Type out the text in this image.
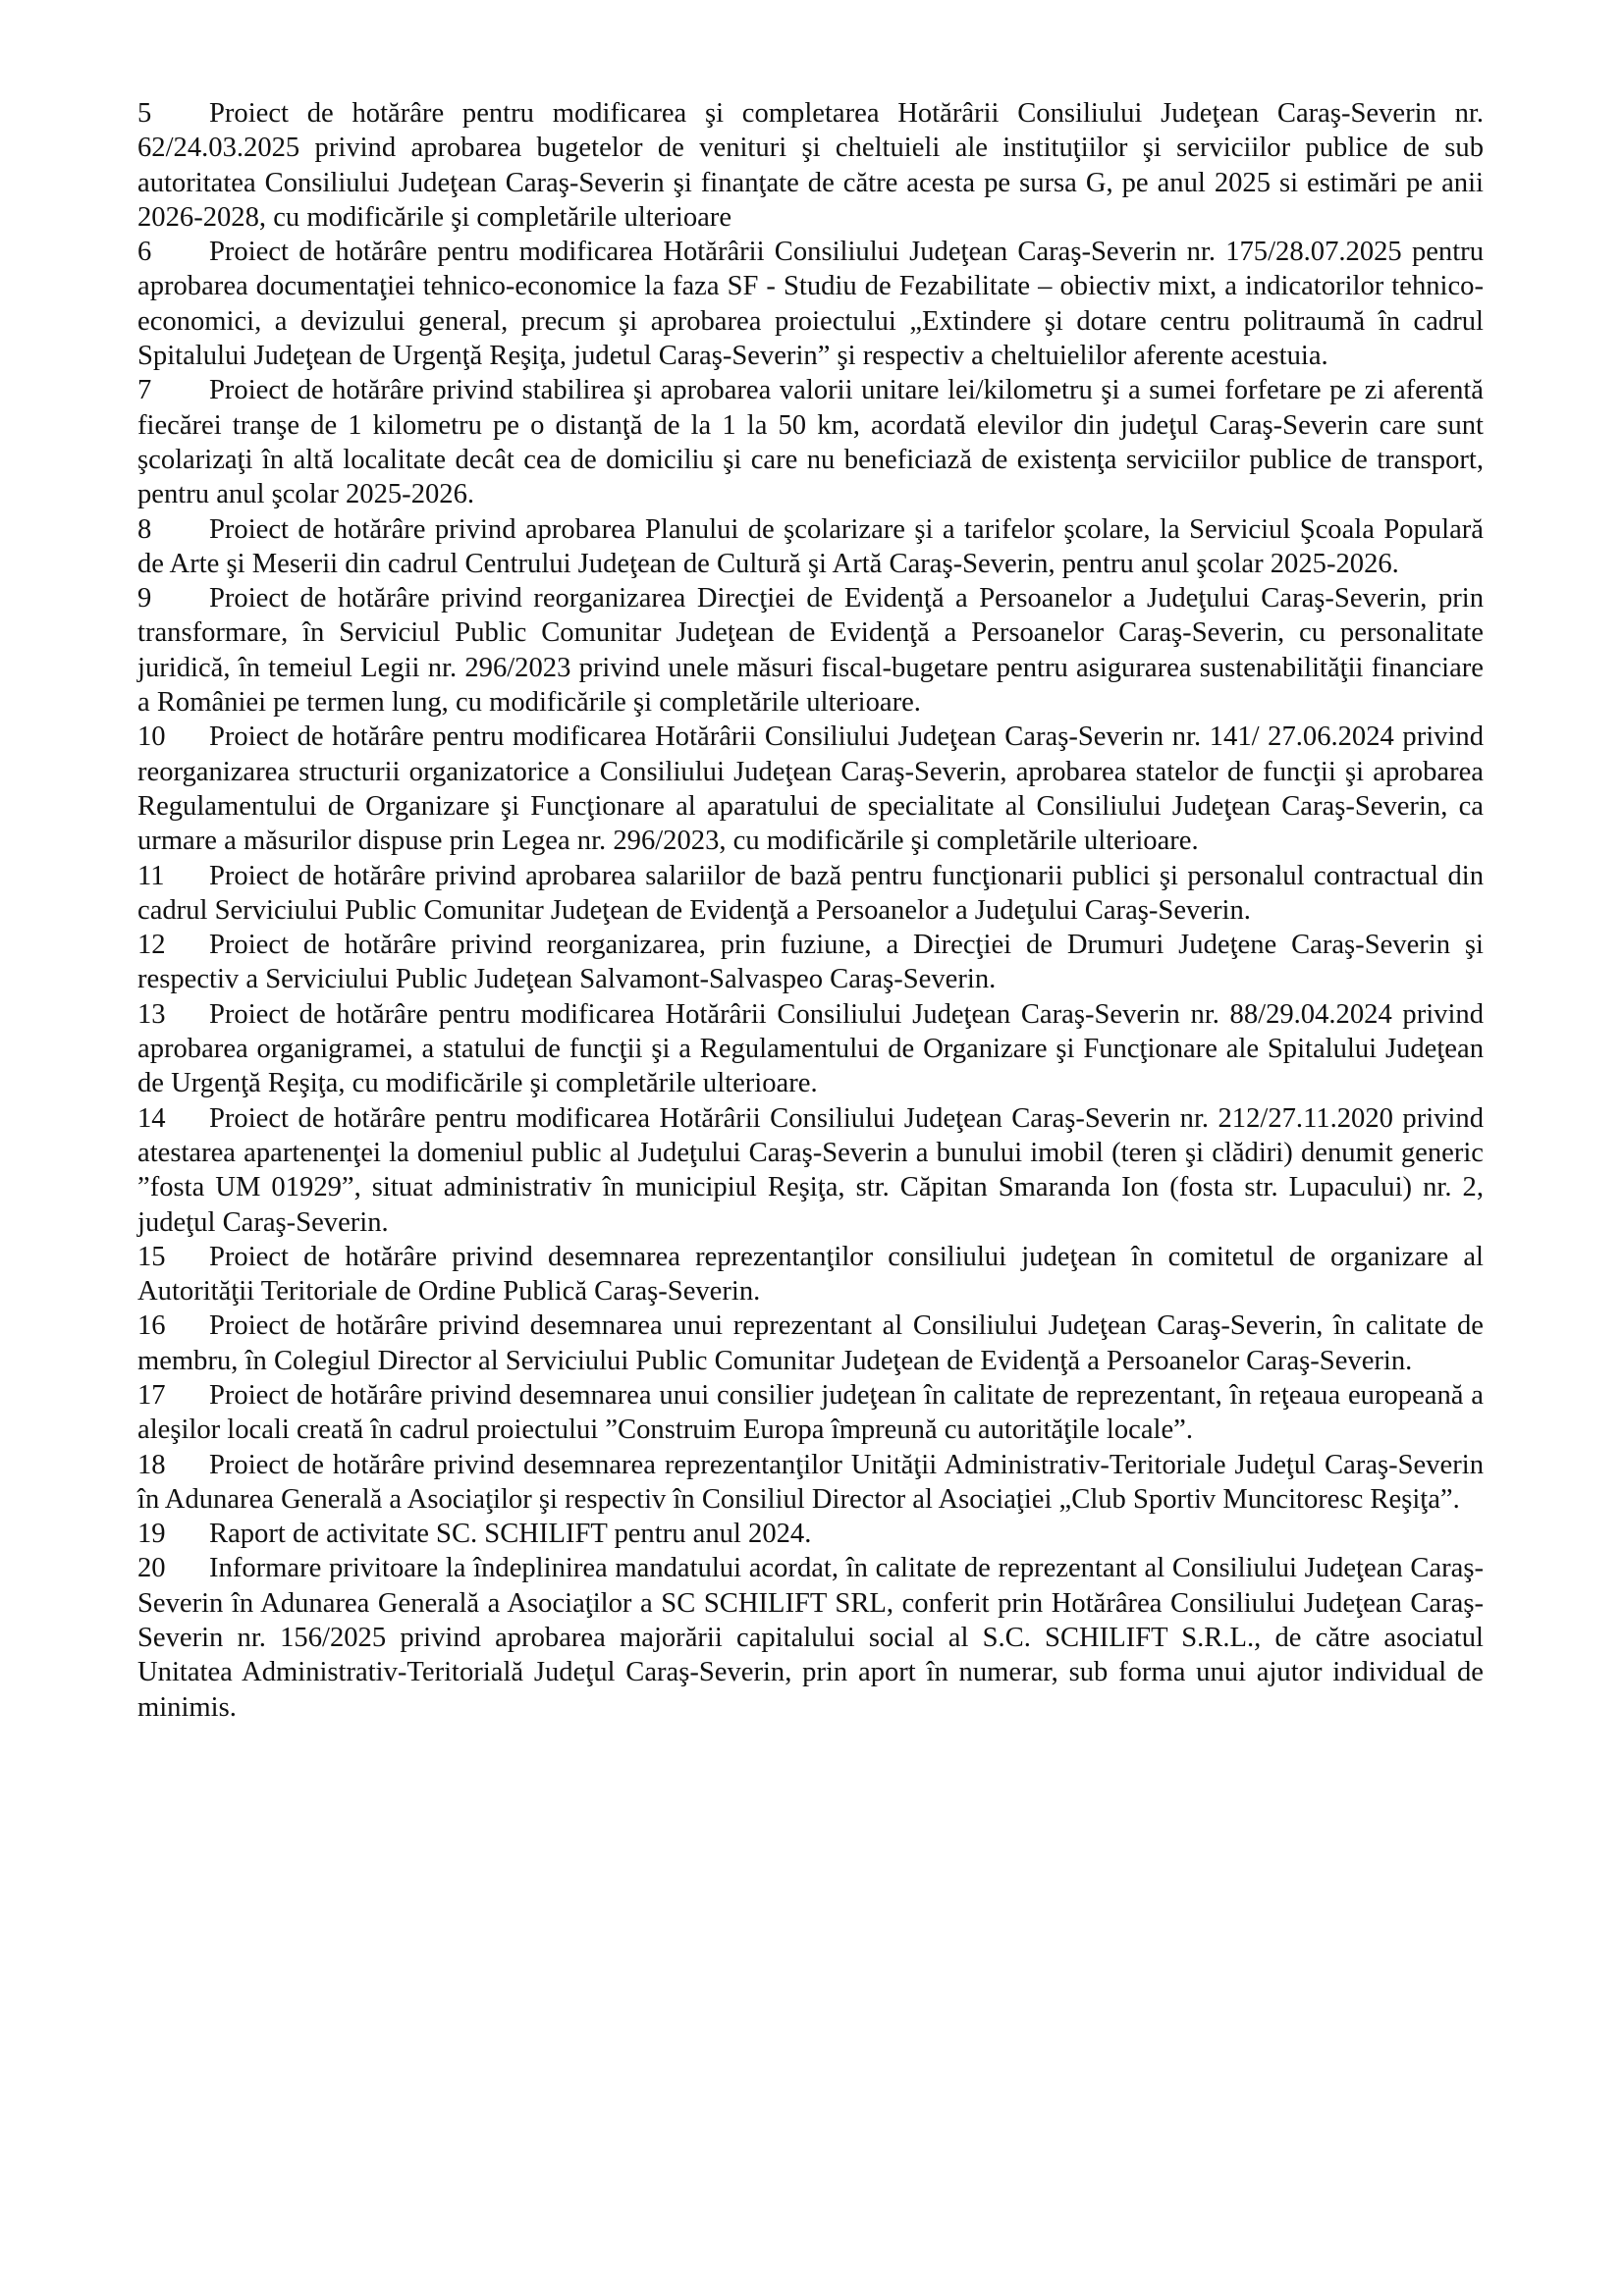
5 Proiect de hotărâre pentru modificarea şi completarea Hotărârii Consiliului Judeţean Caraş-Severin nr. 62/24.03.2025 privind aprobarea bugetelor de venituri şi cheltuieli ale instituţiilor şi serviciilor publice de sub autoritatea Consiliului Judeţean Caraş-Severin şi finanţate de către acesta pe sursa G, pe anul 2025 si estimări pe anii 2026-2028, cu modificările şi completările ulterioare

6 Proiect de hotărâre pentru modificarea Hotărârii Consiliului Judeţean Caraş-Severin nr. 175/28.07.2025 pentru aprobarea documentaţiei tehnico-economice la faza SF - Studiu de Fezabilitate – obiectiv mixt, a indicatorilor tehnico-economici, a devizului general, precum şi aprobarea proiectului „Extindere şi dotare centru politraumă în cadrul Spitalului Judeţean de Urgenţă Reşiţa, judetul Caraş-Severin” şi respectiv a cheltuielilor aferente acestuia.

7 Proiect de hotărâre privind stabilirea şi aprobarea valorii unitare lei/kilometru şi a sumei forfetare pe zi aferentă fiecărei tranşe de 1 kilometru pe o distanţă de la 1 la 50 km, acordată elevilor din judeţul Caraş-Severin care sunt şcolarizaţi în altă localitate decât cea de domiciliu şi care nu beneficiază de existenţa serviciilor publice de transport, pentru anul şcolar 2025-2026.

8 Proiect de hotărâre privind aprobarea Planului de şcolarizare şi a tarifelor şcolare, la Serviciul Şcoala Populară de Arte şi Meserii din cadrul Centrului Judeţean de Cultură şi Artă Caraş-Severin, pentru anul şcolar 2025-2026.

9 Proiect de hotărâre privind reorganizarea Direcţiei de Evidenţă a Persoanelor a Judeţului Caraş-Severin, prin transformare, în Serviciul Public Comunitar Judeţean de Evidenţă a Persoanelor Caraş-Severin, cu personalitate juridică, în temeiul Legii nr. 296/2023 privind unele măsuri fiscal-bugetare pentru asigurarea sustenabilităţii financiare a României pe termen lung, cu modificările şi completările ulterioare.

10 Proiect de hotărâre pentru modificarea Hotărârii Consiliului Judeţean Caraş-Severin nr. 141/ 27.06.2024 privind reorganizarea structurii organizatorice a Consiliului Judeţean Caraş-Severin, aprobarea statelor de funcţii şi aprobarea Regulamentului de Organizare şi Funcţionare al aparatului de specialitate al Consiliului Judeţean Caraş-Severin, ca urmare a măsurilor dispuse prin Legea nr. 296/2023, cu modificările şi completările ulterioare.

11 Proiect de hotărâre privind aprobarea salariilor de bază pentru funcţionarii publici şi personalul contractual din cadrul Serviciului Public Comunitar Judeţean de Evidenţă a Persoanelor a Judeţului Caraş-Severin.

12 Proiect de hotărâre privind reorganizarea, prin fuziune, a Direcţiei de Drumuri Judeţene Caraş-Severin şi respectiv a Serviciului Public Judeţean Salvamont-Salvaspeo Caraş-Severin.

13 Proiect de hotărâre pentru modificarea Hotărârii Consiliului Judeţean Caraş-Severin nr. 88/29.04.2024 privind aprobarea organigramei, a statului de funcţii şi a Regulamentului de Organizare şi Funcţionare ale Spitalului Judeţean de Urgenţă Reşiţa, cu modificările şi completările ulterioare.

14 Proiect de hotărâre pentru modificarea Hotărârii Consiliului Judeţean Caraş-Severin nr. 212/27.11.2020 privind atestarea apartenenţei la domeniul public al Judeţului Caraş-Severin a bunului imobil (teren şi clădiri) denumit generic ”fosta UM 01929”, situat administrativ în municipiul Reşiţa, str. Căpitan Smaranda Ion (fosta str. Lupacului) nr. 2, judeţul Caraş-Severin.

15 Proiect de hotărâre privind desemnarea reprezentanţilor consiliului judeţean în comitetul de organizare al Autorităţii Teritoriale de Ordine Publică Caraş-Severin.

16 Proiect de hotărâre privind desemnarea unui reprezentant al Consiliului Judeţean Caraş-Severin, în calitate de membru, în Colegiul Director al Serviciului Public Comunitar Judeţean de Evidenţă a Persoanelor Caraş-Severin.

17 Proiect de hotărâre privind desemnarea unui consilier judeţean în calitate de reprezentant, în reţeaua europeană a aleşilor locali creată în cadrul proiectului ”Construim Europa împreună cu autorităţile locale”.

18 Proiect de hotărâre privind desemnarea reprezentanţilor Unităţii Administrativ-Teritoriale Judeţul Caraş-Severin în Adunarea Generală a Asociaţilor şi respectiv în Consiliul Director al Asociaţiei „Club Sportiv Muncitoresc Reşiţa”.

19 Raport de activitate SC. SCHILIFT pentru anul 2024.

20 Informare privitoare la îndeplinirea mandatului acordat, în calitate de reprezentant al Consiliului Judeţean Caraş-Severin în Adunarea Generală a Asociaţilor a SC SCHILIFT SRL, conferit prin Hotărârea Consiliului Judeţean Caraş-Severin nr. 156/2025 privind aprobarea majorării capitalului social al S.C. SCHILIFT S.R.L., de către asociatul Unitatea Administrativ-Teritorială Judeţul Caraş-Severin, prin aport în numerar, sub forma unui ajutor individual de minimis.
